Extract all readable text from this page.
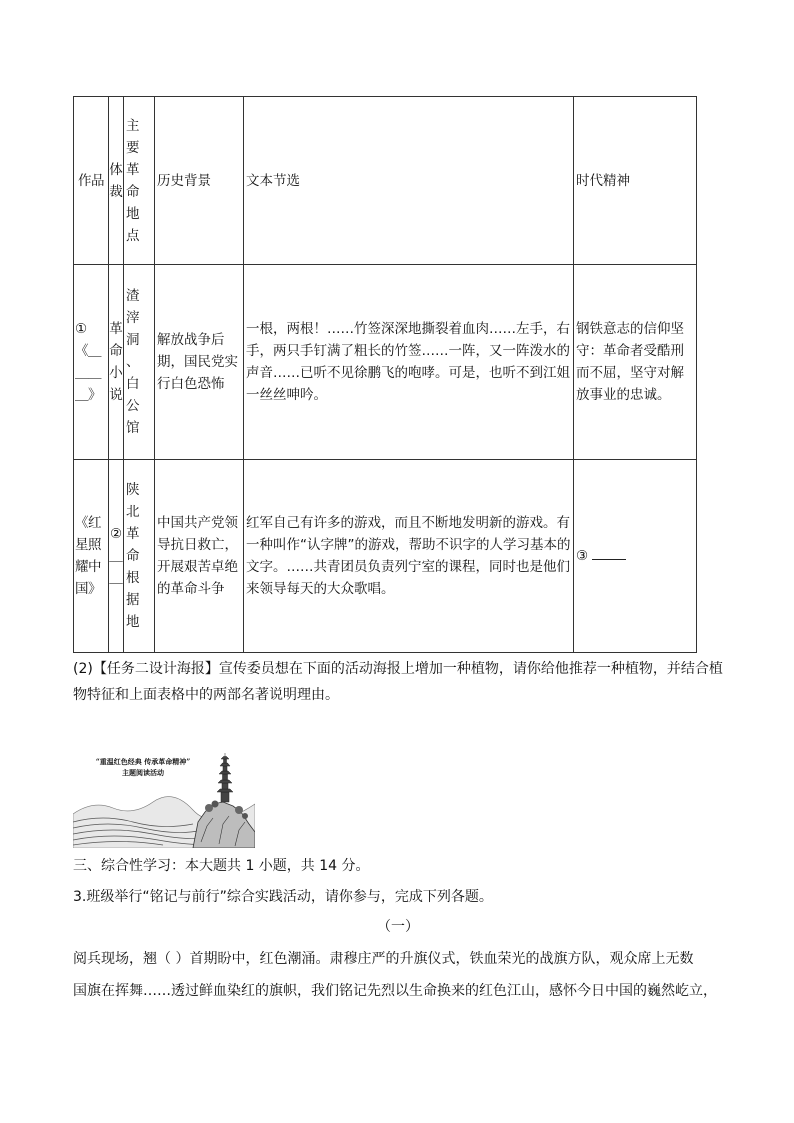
作品	体裁	主要革命地点	历史背景	文本节选	时代精神
①《＿＿＿＿》	革命小说	渣滓洞、白公馆	解放战争后期，国民党实行白色恐怖	一根，两根！……竹签深深地撕裂着血肉……左手，右手，两只手钉满了粗长的竹签……一阵，又一阵泼水的声音……已听不见徐鹏飞的咆哮。可是，也听不到江姐一丝丝呻吟。	钢铁意志的信仰坚守：革命者受酷刑而不屈，坚守对解放事业的忠诚。
《红星照耀中国》	②＿＿	陕北革命根据地	中国共产党领导抗日救亡，开展艰苦卓绝的革命斗争	红军自己有许多的游戏，而且不断地发明新的游戏。有一种叫作“认字牌”的游戏，帮助不识字的人学习基本的文字。……共青团员负责列宁室的课程，同时也是他们来领导每天的大众歌唱。	③

(2)【任务二设计海报】宣传委员想在下面的活动海报上增加一种植物，请你给他推荐一种植物，并结合植物特征和上面表格中的两部名著说明理由。

“重温红色经典 传承革命精神”
主题阅读活动

三、综合性学习：本大题共 1 小题，共 14 分。

3.班级举行“铭记与前行”综合实践活动，请你参与，完成下列各题。

（一）

阅兵现场，翘（ ）首期盼中，红色潮涌。肃穆庄严的升旗仪式，铁血荣光的战旗方队，观众席上无数

国旗在挥舞……透过鲜血染红的旗帜，我们铭记先烈以生命换来的红色江山，感怀今日中国的巍然屹立，
